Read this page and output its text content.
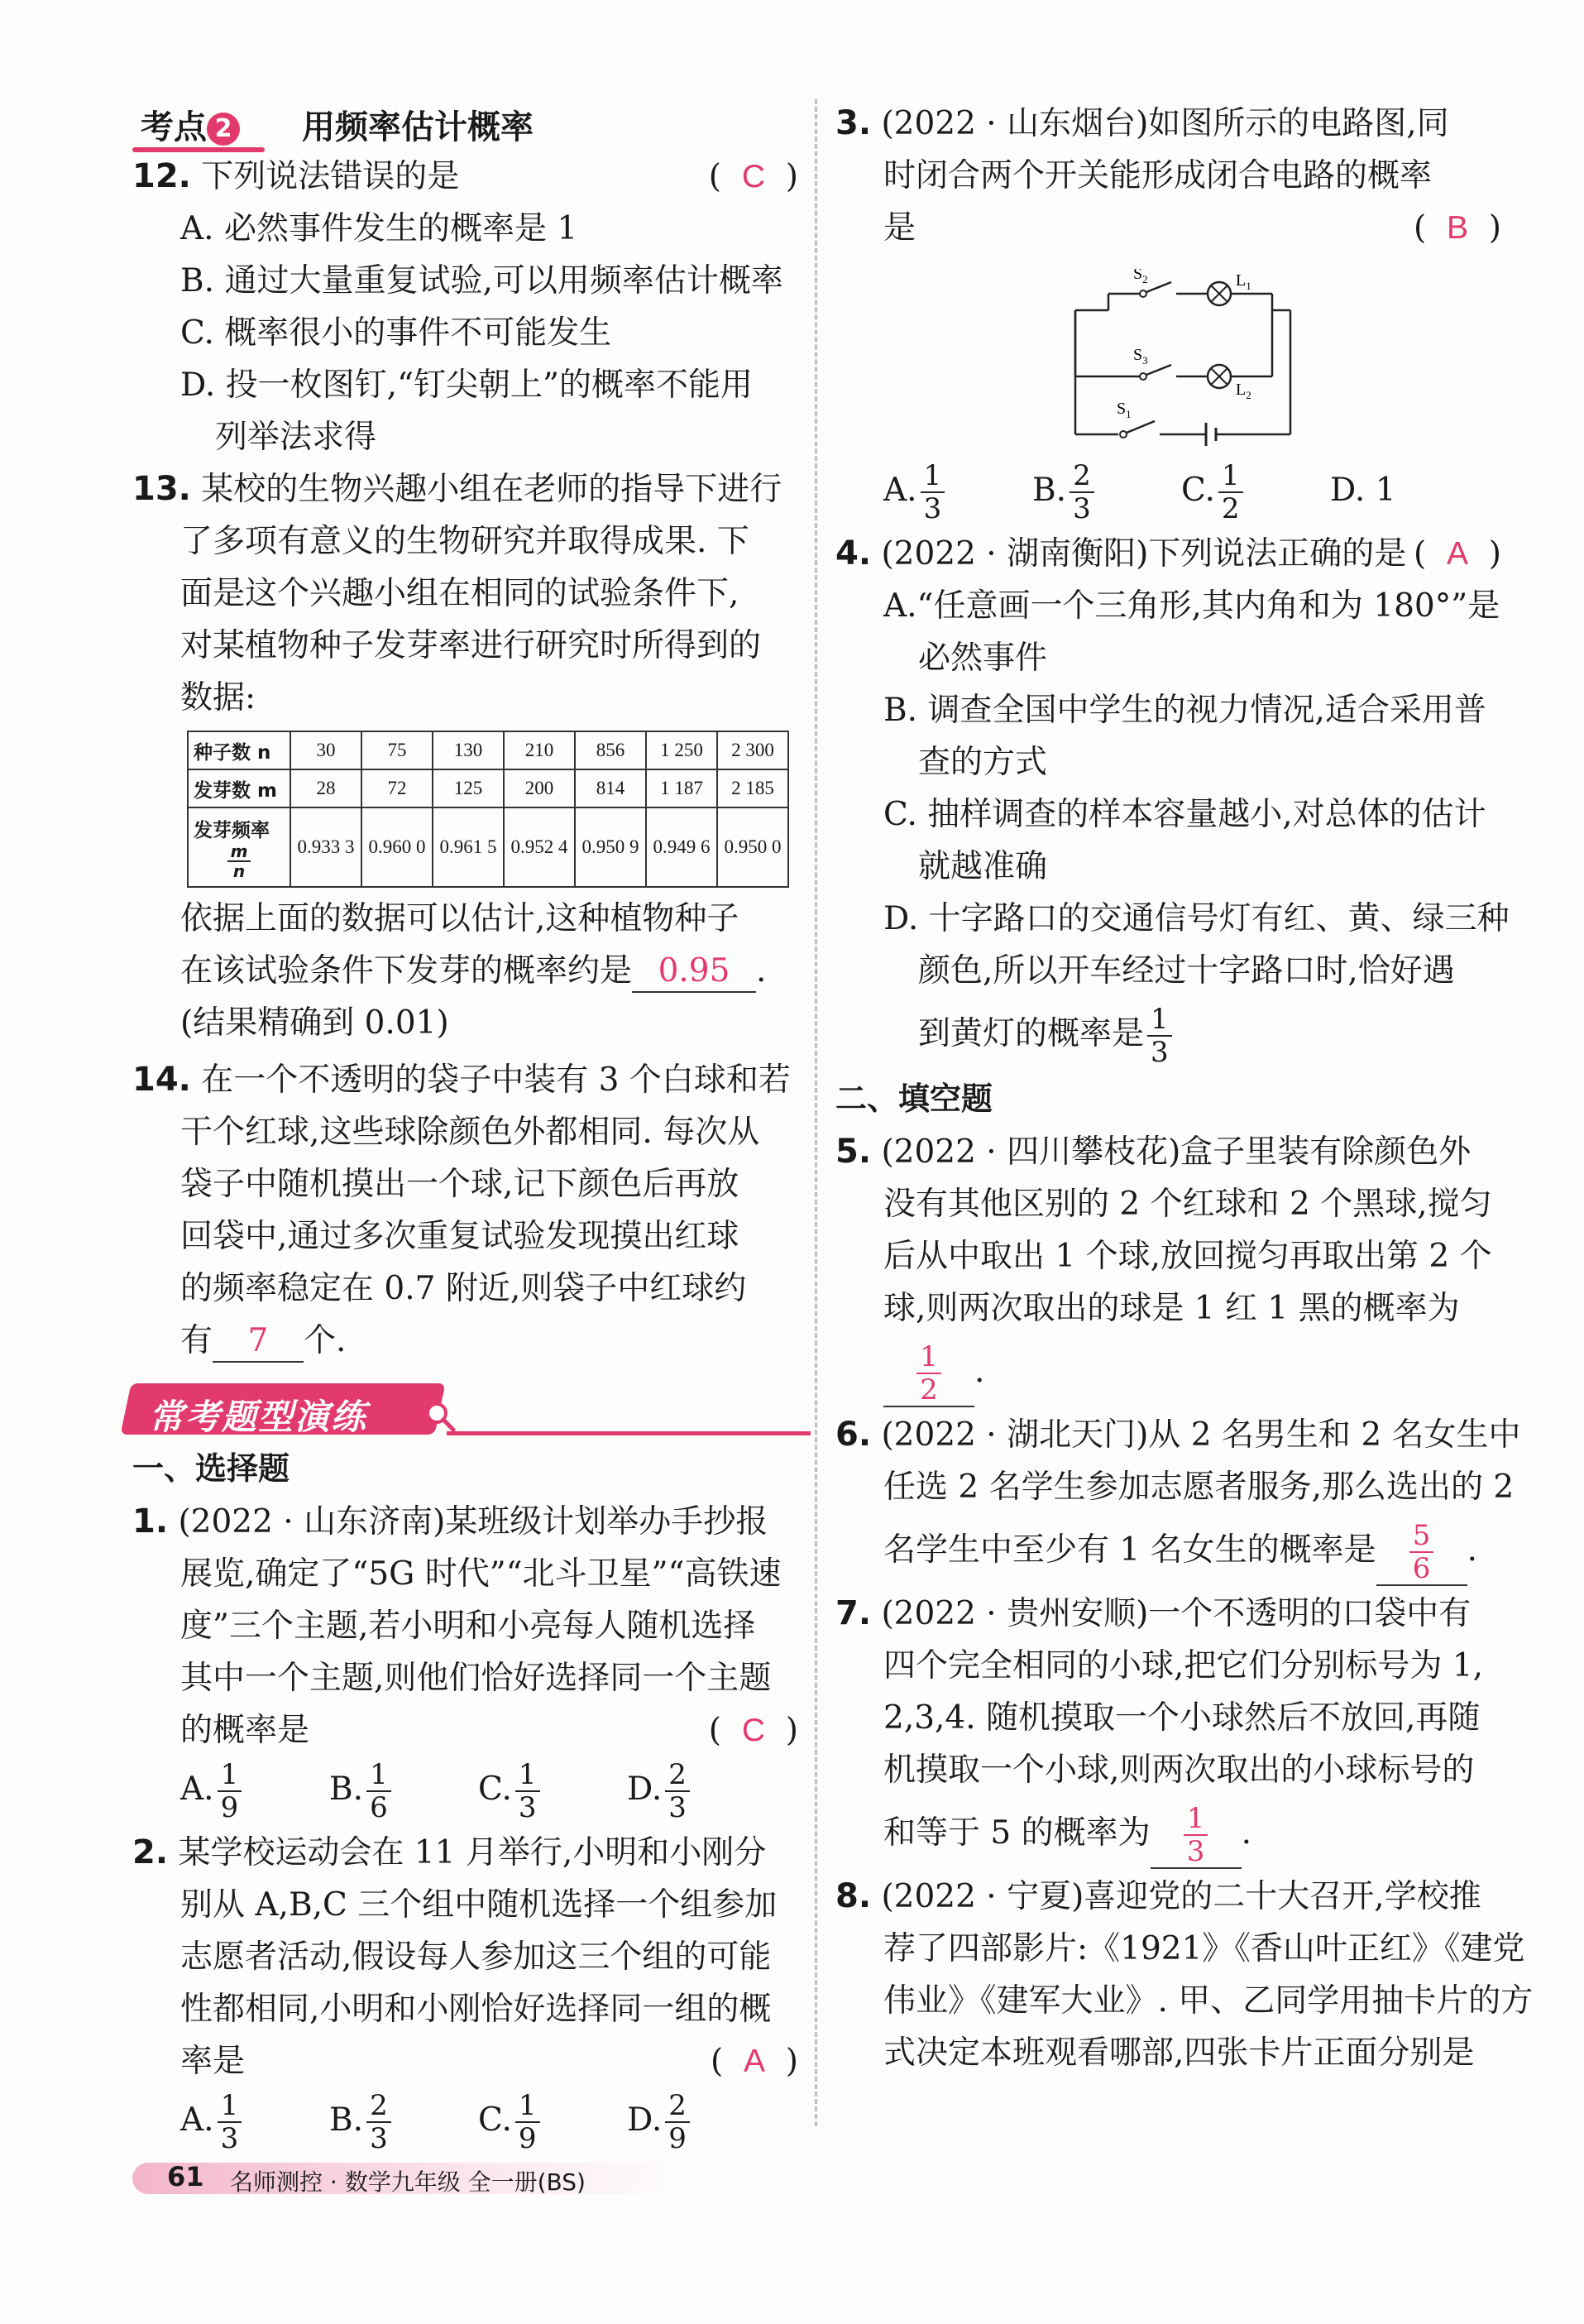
考点 2 用频率估计概率
12. 下列说法错误的是	(  C  )
A. 必然事件发生的概率是 1
B. 通过大量重复试验,可以用频率估计概率
C. 概率很小的事件不可能发生
D. 投一枚图钉,“钉尖朝上”的概率不能用
列举法求得
13. 某校的生物兴趣小组在老师的指导下进行
了多项有意义的生物研究并取得成果. 下
面是这个兴趣小组在相同的试验条件下,
对某植物种子发芽率进行研究时所得到的
数据:
种子数 n	30	75	130	210	856	1 250	2 300
发芽数 m	28	72	125	200	814	1 187	2 185

发芽频率
$\frac{m}{n}$	0.933 3	0.960 0	0.961 5	0.952 4	0.950 9	0.949 6	0.950 0
依据上面的数据可以估计,这种植物种子
在该试验条件下发芽的概率约是 0.95 .
(结果精确到 0.01)
14. 在一个不透明的袋子中装有 3 个白球和若
干个红球,这些球除颜色外都相同. 每次从
袋子中随机摸出一个球,记下颜色后再放
回袋中,通过多次重复试验发现摸出红球
的频率稳定在 0.7 附近,则袋子中红球约
有 7 个.
常考题型演练
一、选择题
1. (2022 · 山东济南)某班级计划举办手抄报
展览,确定了“5G 时代”“北斗卫星”“高铁速
度”三个主题,若小明和小亮每人随机选择
其中一个主题,则他们恰好选择同一个主题
的概率是	(  C  )
A. $\frac{1}{9}$	B. $\frac{1}{6}$	C. $\frac{1}{3}$	D. $\frac{2}{3}$
2. 某学校运动会在 11 月举行,小明和小刚分
别从 A,B,C 三个组中随机选择一个组参加
志愿者活动,假设每人参加这三个组的可能
性都相同,小明和小刚恰好选择同一组的概
率是	(  A  )
A. $\frac{1}{3}$	B. $\frac{2}{3}$	C. $\frac{1}{9}$	D. $\frac{2}{9}$
3. (2022 · 山东烟台)如图所示的电路图,同
时闭合两个开关能形成闭合电路的概率
是	(  B  )
$S_1$
$S_2$	$L_1$
$S_3$
$L_2$
A. $\frac{1}{3}$	B. $\frac{2}{3}$	C. $\frac{1}{2}$	D. 1
4. (2022 · 湖南衡阳)下列说法正确的是 (  A  )
A.“任意画一个三角形,其内角和为 180°”是
必然事件
B. 调查全国中学生的视力情况,适合采用普
查的方式
C. 抽样调查的样本容量越小,对总体的估计
就越准确
D. 十字路口的交通信号灯有红、黄、绿三种
颜色,所以开车经过十字路口时,恰好遇
到黄灯的概率是 $\frac{1}{3}$
二、填空题
5. (2022 · 四川攀枝花)盒子里装有除颜色外
没有其他区别的 2 个红球和 2 个黑球,搅匀
后从中取出 1 个球,放回搅匀再取出第 2 个
球,则两次取出的球是 1 红 1 黑的概率为
$\frac{1}{2}$ .
6. (2022 · 湖北天门)从 2 名男生和 2 名女生中
任选 2 名学生参加志愿者服务,那么选出的 2
名学生中至少有 1 名女生的概率是 $\frac{5}{6}$ .
7. (2022 · 贵州安顺)一个不透明的口袋中有
四个完全相同的小球,把它们分别标号为 1,
2,3,4. 随机摸取一个小球然后不放回,再随
机摸取一个小球,则两次取出的小球标号的
和等于 5 的概率为 $\frac{1}{3}$ .
8. (2022 · 宁夏)喜迎党的二十大召开,学校推
荐了四部影片:《1921》《香山叶正红》《建党
伟业》《建军大业》. 甲、乙同学用抽卡片的方
式决定本班观看哪部,四张卡片正面分别是
61 名师测控 · 数学九年级 全一册(BS)
